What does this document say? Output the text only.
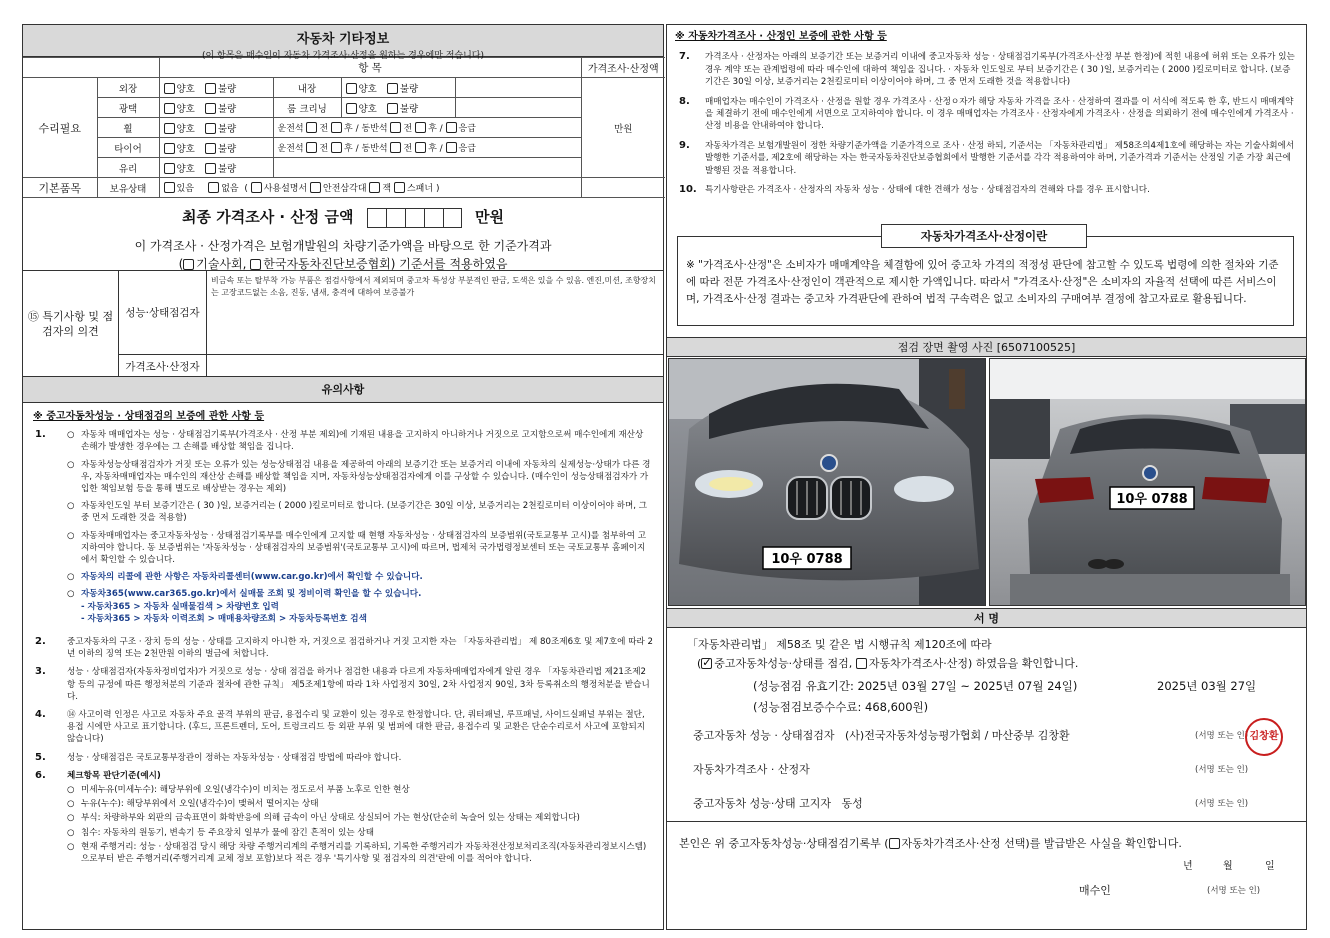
자동차 기타정보
(이 항목은 매수인이 자동차 가격조사·산정을 원하는 경우에만 적습니다)
		항 목				가격조사·산정액
수리필요	외장	양호 불량	내장	양호 불량		만원
	광택	양호 불량	룸 크리닝	양호 불량		
	휠	양호 불량	운전석 전 후 / 동반석 전 후 / 응급			
	타이어	양호 불량	운전석 전 후 / 동반석 전 후 / 응급			
	유리	양호 불량				
기본품목	보유상태	있음 없음  ( 사용설명서 안전삼각대 잭 스패너 )				
최종 가격조사 · 산정 금액	만원
이 가격조사 · 산정가격은 보험개발원의 차량기준가액을 바탕으로 한 기준가격과
( 기술사회, 한국자동차진단보증협회) 기준서를 적용하였음
⑮ 특기사항 및 점검자의 의견
성능·상태점검자
비금속 또는 탈부착 가능 부품은 점검사항에서 제외되며 중고차 특성상 부분적인 판금, 도색은 있을 수 있음. 엔진,미션, 조향장치는 고장코드없는 소음, 진동, 냄새, 충격에 대하여 보증불가
가격조사·산정자
유의사항
※ 중고자동차성능 · 상태점검의 보증에 관한 사항 등
1.	○ 자동차 매매업자는 성능 · 상태점검기록부(가격조사 · 산정 부분 제외)에 기재된 내용을 고지하지 아니하거나 거짓으로 고지함으로써 매수인에게 재산상 손해가 발생한 경우에는 그 손해를 배상할 책임을 집니다.
○ 자동차성능상태점검자가 거짓 또는 오류가 있는 성능상태점검 내용을 제공하여 아래의 보증기간 또는 보증거리 이내에 자동차의 실제성능·상태가 다른 경우, 자동차매매업자는 매수인의 재산상 손해를 배상할 책임을 지며, 자동차성능상태점검자에게 이를 구상할 수 있습니다. (매수인이 성능상태점검자가 가입한 책임보험 등을 통해 별도로 배상받는 경우는 제외)
○ 자동차인도일 부터 보증기간은 ( 30 )일, 보증거리는 ( 2000 )킬로미터로 합니다. (보증기간은 30일 이상, 보증거리는 2천킬로미터 이상이어야 하며, 그 중 먼저 도래한 것을 적용함)
○ 자동차매매업자는 중고자동차성능 · 상태점검기록부를 매수인에게 고지할 때 현행 자동차성능 · 상태점검자의 보증범위(국토교통부 고시)를 첨부하여 고지하여야 합니다. 동 보증범위는 '자동차성능 · 상태점검자의 보증범위'(국토교통부 고시)에 따르며, 법제처 국가법령정보센터 또는 국토교통부 홈페이지에서 확인할 수 있습니다.
○ 자동차의 리콜에 관한 사항은 자동차리콜센터(www.car.go.kr)에서 확인할 수 있습니다.
○ 자동차365(www.car365.go.kr)에서 실매물 조회 및 정비이력 확인을 할 수 있습니다.
- 자동차365 > 자동차 실매물검색 > 차량번호 입력
- 자동차365 > 자동차 이력조회 > 매매용차량조회 > 자동차등록번호 검색
2.	중고자동차의 구조 · 장치 등의 성능 · 상태를 고지하지 아니한 자, 거짓으로 점검하거나 거짓 고지한 자는 「자동차관리법」 제 80조제6호 및 제7호에 따라 2년 이하의 징역 또는 2천만원 이하의 벌금에 처합니다.
3.	성능 · 상태점검자(자동차정비업자)가 거짓으로 성능 · 상태 점검을 하거나 점검한 내용과 다르게 자동차매매업자에게 알린 경우 「자동차관리법 제21조제2항 등의 규정에 따른 행정처분의 기준과 절차에 관한 규칙」 제5조제1항에 따라 1차 사업정지 30일, 2차 사업정지 90일, 3차 등록취소의 행정처분을 받습니다.
4.	⑭ 사고이력 인정은 사고로 자동차 주요 골격 부위의 판금, 용접수리 및 교환이 있는 경우로 한정합니다. 단, 쿼터패널, 루프패널, 사이드실패널 부위는 절단, 용접 시에만 사고로 표기합니다. (후드, 프론트펜더, 도어, 트렁크리드 등 외판 부위 및 범퍼에 대한 판금, 용접수리 및 교환은 단순수리로서 사고에 포함되지 않습니다)
5.	성능 · 상태점검은 국토교통부장관이 정하는 자동차성능 · 상태점검 방법에 따라야 합니다.
6.	체크항목 판단기준(예시)
○ 미세누유(미세누수): 해당부위에 오일(냉각수)이 비치는 정도로서 부품 노후로 인한 현상
○ 누유(누수): 해당부위에서 오일(냉각수)이 맺혀서 떨어지는 상태
○ 부식: 차량하부와 외판의 금속표면이 화학반응에 의해 금속이 아닌 상태로 상실되어 가는 현상(단순히 녹슬어 있는 상태는 제외합니다)
○ 침수: 자동차의 원동기, 변속기 등 주요장치 일부가 물에 잠긴 흔적이 있는 상태
○ 현재 주행거리: 성능 · 상태점검 당시 해당 차량 주행거리계의 주행거리를 기록하되, 기록한 주행거리가 자동차전산정보처리조직(자동차관리정보시스템)으로부터 받은 주행거리(주행거리계 교체 정보 포함)보다 적은 경우 '특기사항 및 점검자의 의견'란에 이를 적어야 합니다.
※ 자동차가격조사 · 산정인 보증에 관한 사항 등
7.	가격조사 · 산정자는 아래의 보증기간 또는 보증거리 이내에 중고자동차 성능 · 상태점검기록부(가격조사·산정 부분 한정)에 적힌 내용에 허위 또는 오류가 있는 경우 계약 또는 관계법령에 따라 매수인에 대하여 책임을 집니다. · 자동차 인도일로 부터 보증기간은 ( 30 )일, 보증거리는 ( 2000 )킬로미터로 합니다. (보증기간은 30일 이상, 보증거리는 2천킬로미터 이상이어야 하며, 그 중 먼저 도래한 것을 적용합니다)
8.	매매업자는 매수인이 가격조사 · 산정을 원할 경우 가격조사 · 산정ㅇ자가 해당 자동차 가격을 조사 · 산정하여 결과를 이 서식에 적도록 한 후, 반드시 매매계약을 체결하기 전에 매수인에게 서면으로 고지하여야 합니다. 이 경우 매매업자는 가격조사 · 산정자에게 가격조사 · 산정을 의뢰하기 전에 매수인에게 가격조사 · 산정 비용을 안내하여야 합니다.
9.	자동차가격은 보험개발원이 정한 차량기준가액을 기준가격으로 조사 · 산정 하되, 기준서는 「자동차관리법」 제58조의4제1호에 해당하는 자는 기술사회에서 발행한 기준서를, 제2호에 해당하는 자는 한국자동차진단보증협회에서 발행한 기준서를 각각 적용하여야 하며, 기준가격과 기준서는 산정일 기준 가장 최근에 발행된 것을 적용합니다.
10. 특기사항란은 가격조사 · 산정자의 자동차 성능 · 상태에 대한 견해가 성능 · 상태점검자의 견해와 다를 경우 표시합니다.
자동차가격조사·산정이란
※ "가격조사·산정"은 소비자가 매매계약을 체결함에 있어 중고차 가격의 적정성 판단에 참고할 수 있도록 법령에 의한 절차와 기준에 따라 전문 가격조사·산정인이 객관적으로 제시한 가액입니다. 따라서 "가격조사·산정"은 소비자의 자율적 선택에 따른 서비스이며, 가격조사·산정 결과는 중고차 가격판단에 관하여 법적 구속력은 없고 소비자의 구매여부 결정에 참고자료로 활용됩니다.
점검 장면 촬영 사진 [6507100525]
10우 0788
10우 0788
서 명
「자동차관리법」 제58조 및 같은 법 시행규칙 제120조에 따라
( ✓ 중고자동차성능·상태를 점검, 자동차가격조사·산정) 하였음을 확인합니다.
(성능점검 유효기간: 2025년 03월 27일 ~ 2025년 07월 24일)	2025년 03월 27일
(성능점검보증수수료: 468,600원)
중고자동차 성능 · 상태점검자 (사)전국자동차성능평가협회 / 마산중부 김창환	(서명 또는 인) 김창환
자동차가격조사 · 산정자	(서명 또는 인)
중고자동차 성능·상태 고지자 동성	(서명 또는 인)
본인은 위 중고자동차성능·상태점검기록부 ( 자동차가격조사·산정 선택)를 발급받은 사실을 확인합니다.
년	월	일
매수인	(서명 또는 인)
